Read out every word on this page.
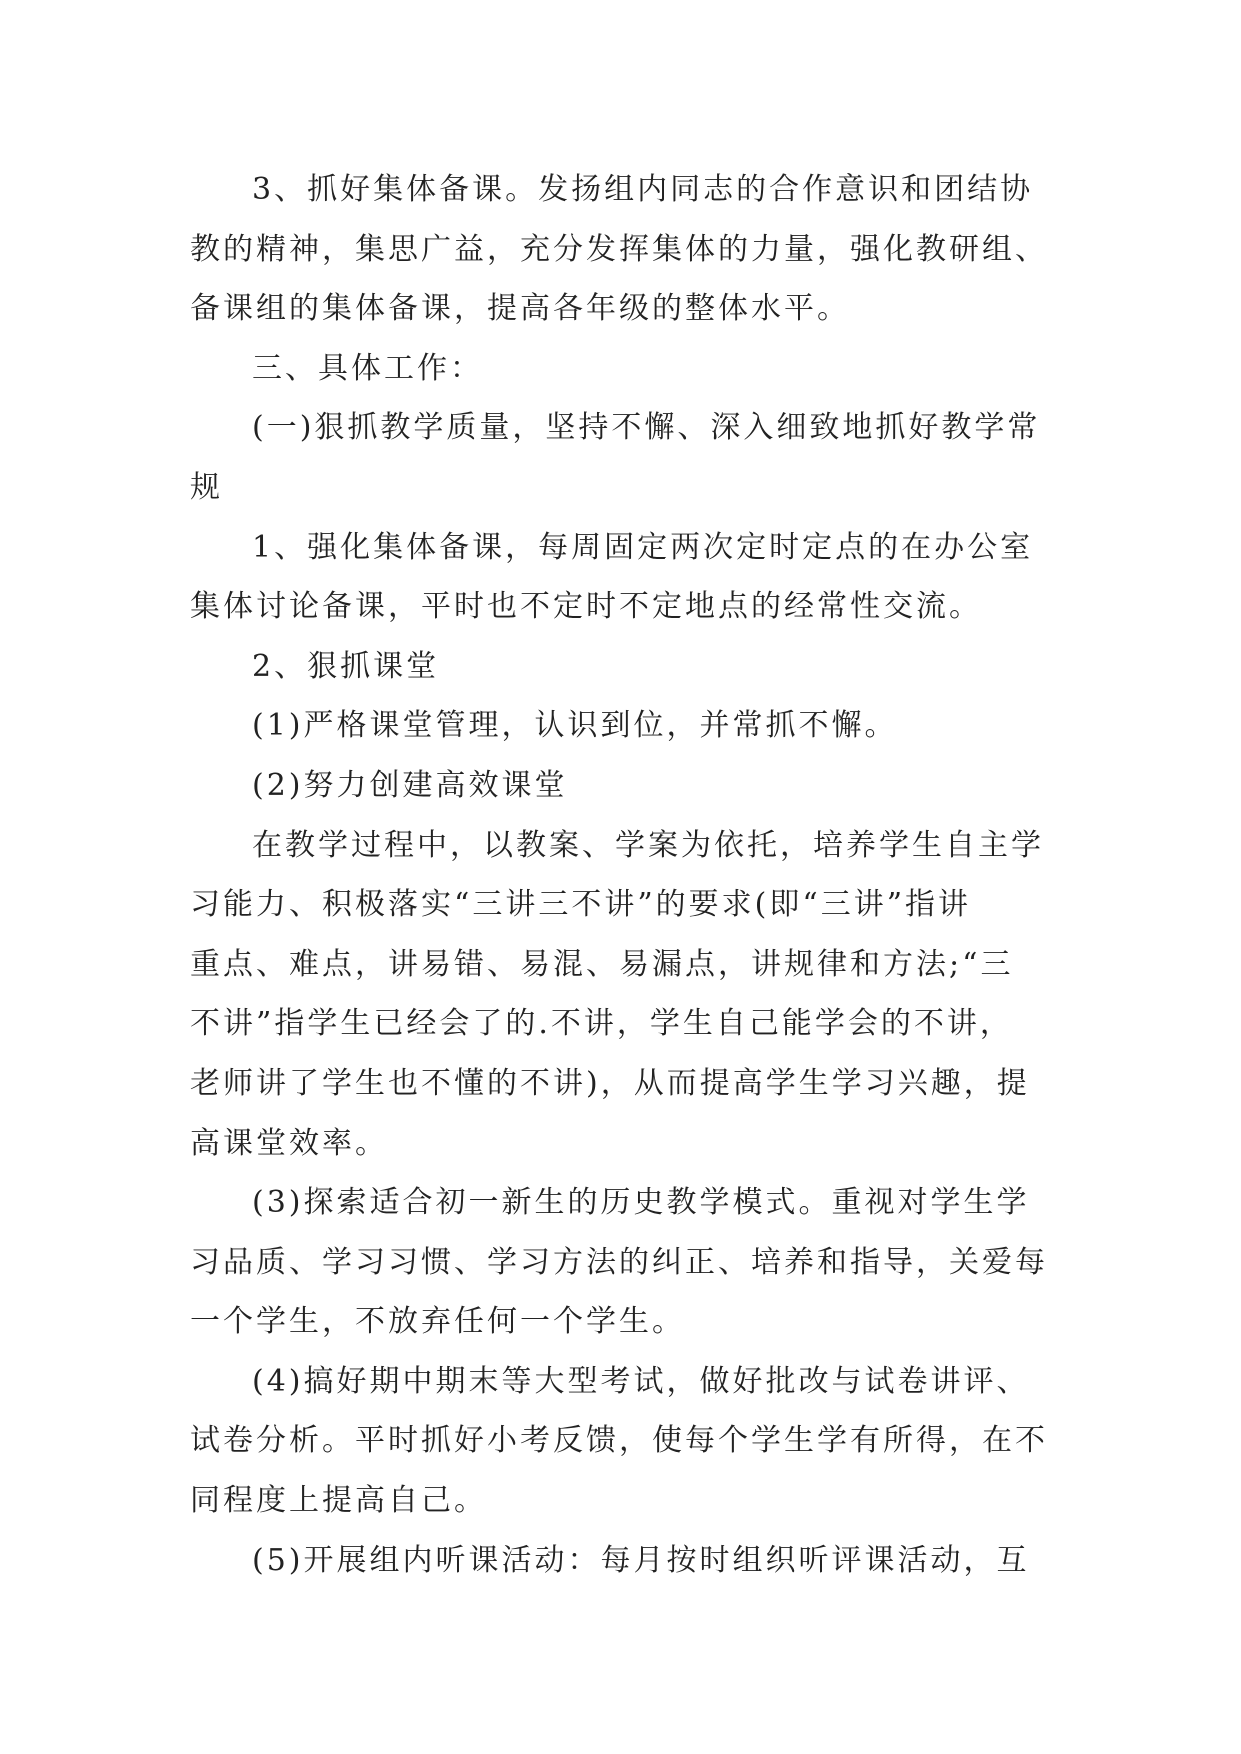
3、抓好集体备课。发扬组内同志的合作意识和团结协
教的精神，集思广益，充分发挥集体的力量，强化教研组、
备课组的集体备课，提高各年级的整体水平。
三、具体工作：
(一)狠抓教学质量，坚持不懈、深入细致地抓好教学常
规
1、强化集体备课，每周固定两次定时定点的在办公室
集体讨论备课，平时也不定时不定地点的经常性交流。
2、狠抓课堂
(1)严格课堂管理，认识到位，并常抓不懈。
(2)努力创建高效课堂
在教学过程中，以教案、学案为依托，培养学生自主学
习能力、积极落实“三讲三不讲”的要求(即“三讲”指讲
重点、难点，讲易错、易混、易漏点，讲规律和方法;“三
不讲”指学生已经会了的.不讲，学生自己能学会的不讲，
老师讲了学生也不懂的不讲)，从而提高学生学习兴趣，提
高课堂效率。
(3)探索适合初一新生的历史教学模式。重视对学生学
习品质、学习习惯、学习方法的纠正、培养和指导，关爱每
一个学生，不放弃任何一个学生。
(4)搞好期中期末等大型考试，做好批改与试卷讲评、
试卷分析。平时抓好小考反馈，使每个学生学有所得，在不
同程度上提高自己。
(5)开展组内听课活动：每月按时组织听评课活动，互
